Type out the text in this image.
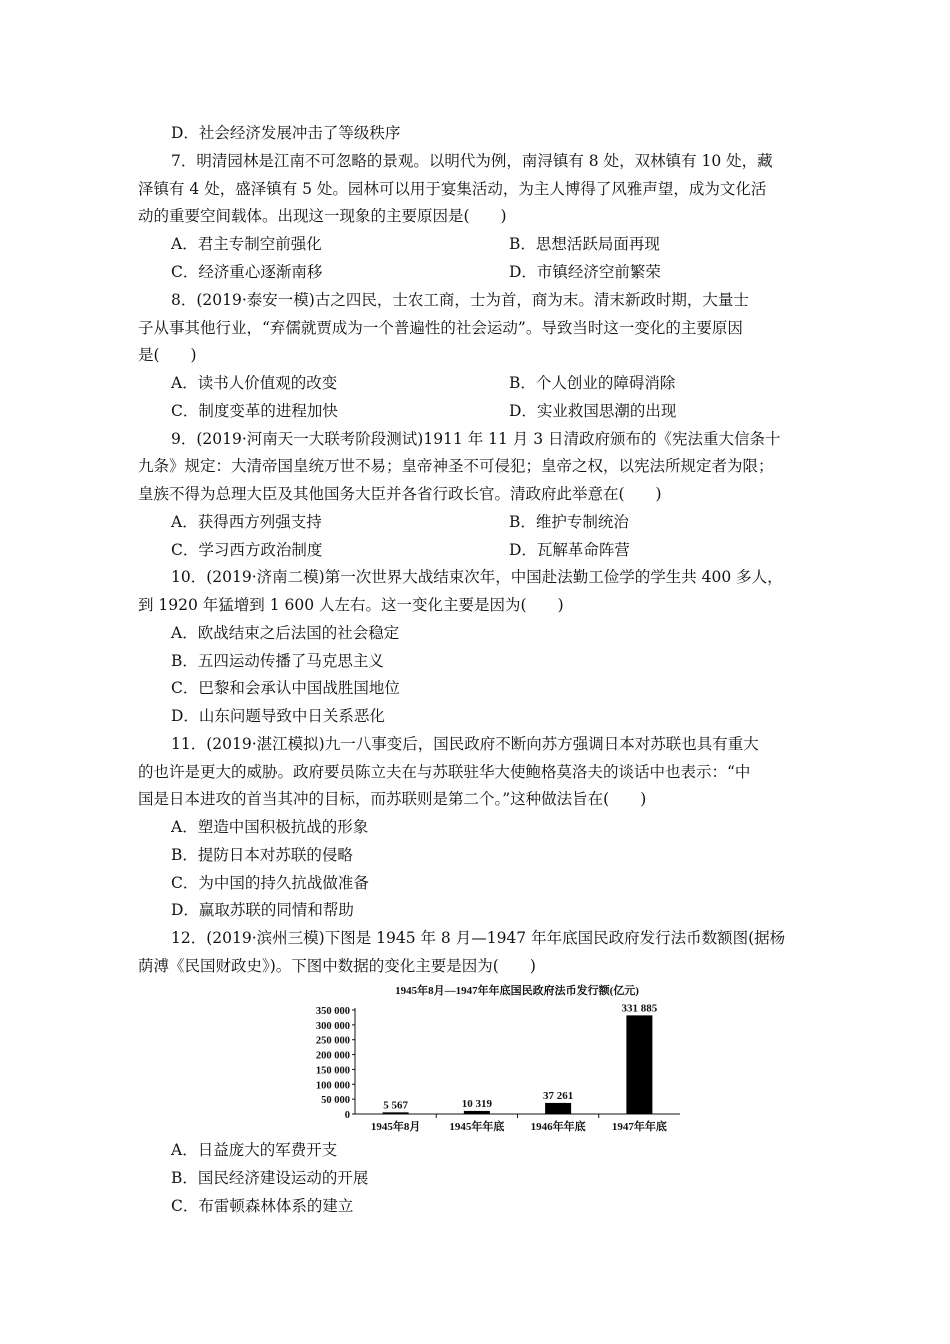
D．社会经济发展冲击了等级秩序
7．明清园林是江南不可忽略的景观。以明代为例，南浔镇有 8 处，双林镇有 10 处，藏
泽镇有 4 处，盛泽镇有 5 处。园林可以用于宴集活动，为主人博得了风雅声望，成为文化活
动的重要空间载体。出现这一现象的主要原因是(　　)
A．君主专制空前强化	B．思想活跃局面再现
C．经济重心逐渐南移	D．市镇经济空前繁荣
8．(2019·泰安一模)古之四民，士农工商，士为首，商为末。清末新政时期，大量士
子从事其他行业，“弃儒就贾成为一个普遍性的社会运动”。导致当时这一变化的主要原因
是(　　)
A．读书人价值观的改变	B．个人创业的障碍消除
C．制度变革的进程加快	D．实业救国思潮的出现
9．(2019·河南天一大联考阶段测试)1911 年 11 月 3 日清政府颁布的《宪法重大信条十
九条》规定：大清帝国皇统万世不易；皇帝神圣不可侵犯；皇帝之权，以宪法所规定者为限；
皇族不得为总理大臣及其他国务大臣并各省行政长官。清政府此举意在(　　)
A．获得西方列强支持	B．维护专制统治
C．学习西方政治制度	D．瓦解革命阵营
10．(2019·济南二模)第一次世界大战结束次年，中国赴法勤工俭学的学生共 400 多人，
到 1920 年猛增到 1 600 人左右。这一变化主要是因为(　　)
A．欧战结束之后法国的社会稳定
B．五四运动传播了马克思主义
C．巴黎和会承认中国战胜国地位
D．山东问题导致中日关系恶化
11．(2019·湛江模拟)九一八事变后，国民政府不断向苏方强调日本对苏联也具有重大
的也许是更大的威胁。政府要员陈立夫在与苏联驻华大使鲍格莫洛夫的谈话中也表示：“中
国是日本进攻的首当其冲的目标，而苏联则是第二个。”这种做法旨在(　　)
A．塑造中国积极抗战的形象
B．提防日本对苏联的侵略
C．为中国的持久抗战做准备
D．赢取苏联的同情和帮助
12．(2019·滨州三模)下图是 1945 年 8 月—1947 年年底国民政府发行法币数额图(据杨
荫溥《民国财政史》)。下图中数据的变化主要是因为(　　)
1945年8月—1947年年底国民政府法币发行额(亿元)
0
50 000
100 000
150 000
200 000
250 000
300 000
350 000
5 567
1945年8月
10 319
1945年年底
37 261
1946年年底
331 885
1947年年底
A．日益庞大的军费开支
B．国民经济建设运动的开展
C．布雷顿森林体系的建立
